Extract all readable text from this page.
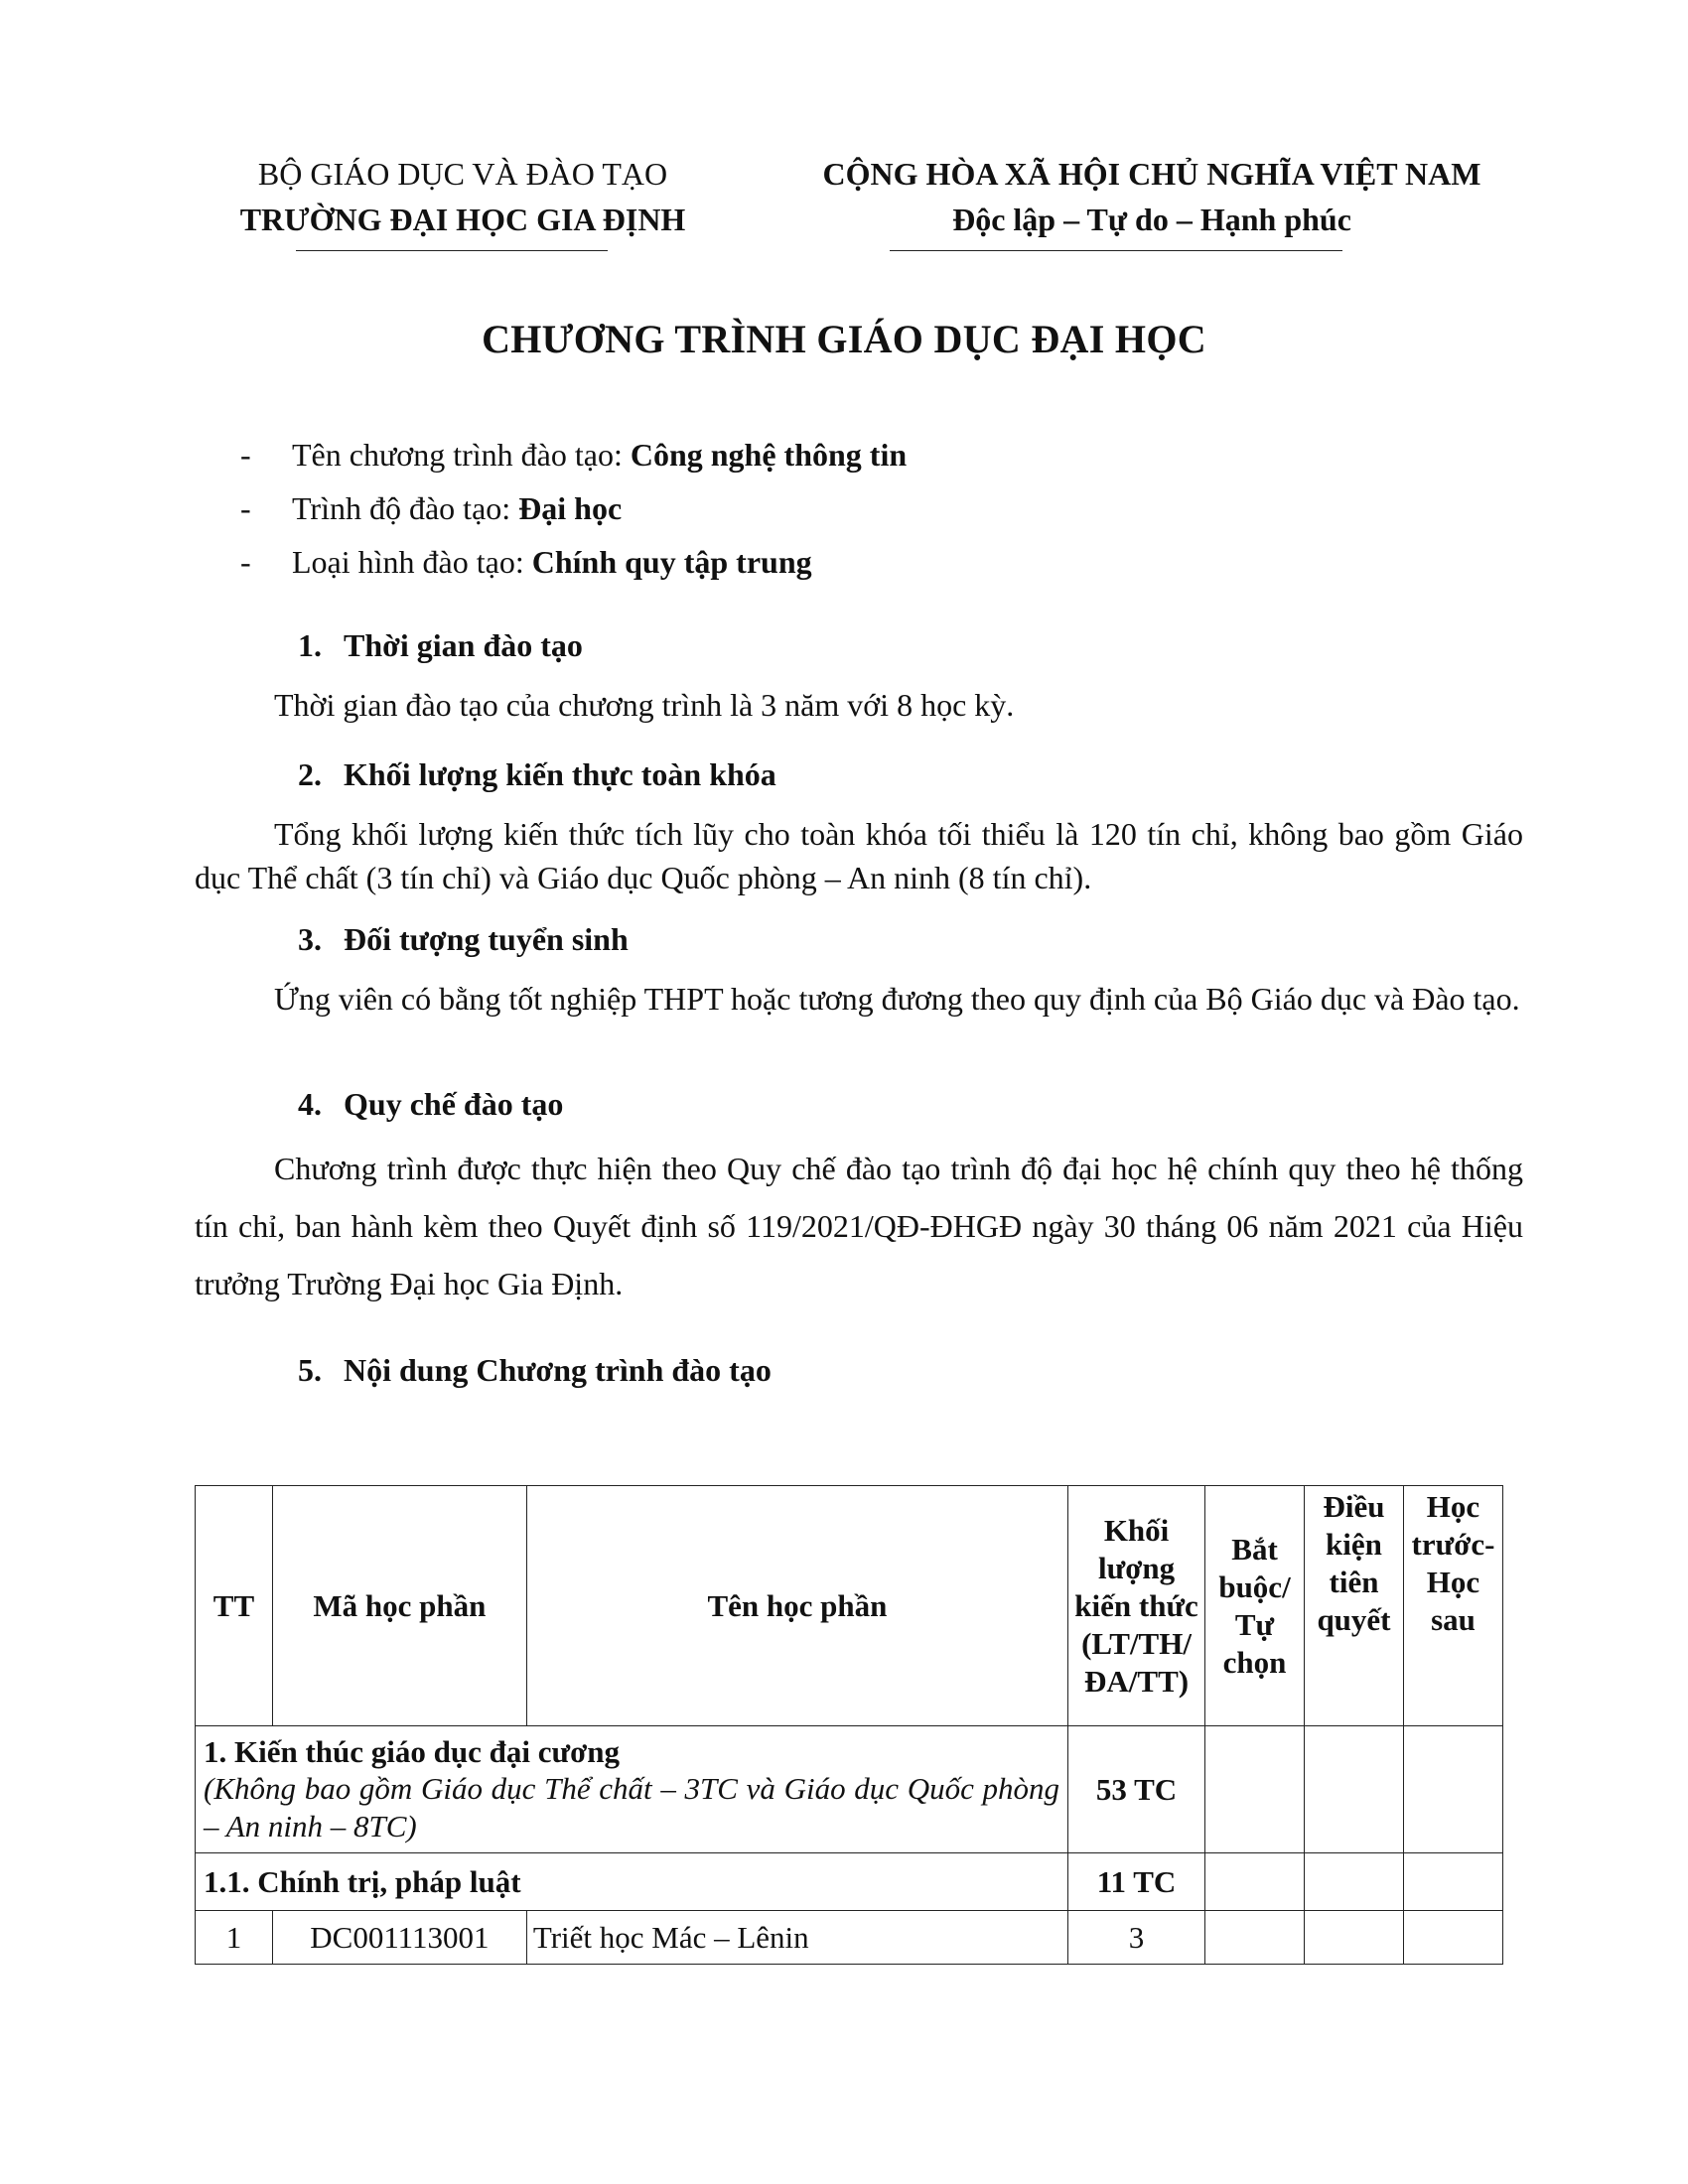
BỘ GIÁO DỤC VÀ ĐÀO TẠO
TRƯỜNG ĐẠI HỌC GIA ĐỊNH
CỘNG HÒA XÃ HỘI CHỦ NGHĨA VIỆT NAM
Độc lập – Tự do – Hạnh phúc
CHƯƠNG TRÌNH GIÁO DỤC ĐẠI HỌC
- Tên chương trình đào tạo: Công nghệ thông tin
- Trình độ đào tạo: Đại học
- Loại hình đào tạo: Chính quy tập trung
1. Thời gian đào tạo
Thời gian đào tạo của chương trình là 3 năm với 8 học kỳ.
2. Khối lượng kiến thực toàn khóa
Tổng khối lượng kiến thức tích lũy cho toàn khóa tối thiểu là 120 tín chỉ, không bao gồm Giáo dục Thể chất (3 tín chỉ) và Giáo dục Quốc phòng – An ninh (8 tín chỉ).
3. Đối tượng tuyển sinh
Ứng viên có bằng tốt nghiệp THPT hoặc tương đương theo quy định của Bộ Giáo dục và Đào tạo.
4. Quy chế đào tạo
Chương trình được thực hiện theo Quy chế đào tạo trình độ đại học hệ chính quy theo hệ thống tín chỉ, ban hành kèm theo Quyết định số 119/2021/QĐ-ĐHGĐ ngày 30 tháng 06 năm 2021 của Hiệu trưởng Trường Đại học Gia Định.
5. Nội dung Chương trình đào tạo
TT	Mã học phần	Tên học phần	Khối lượng kiến thức (LT/TH/ ĐA/TT)	Bắt buộc/ Tự chọn	Điều kiện tiên quyết	Học trước- Học sau

1. Kiến thúc giáo dục đại cương
(Không bao gồm Giáo dục Thể chất – 3TC và Giáo dục Quốc phòng – An ninh – 8TC)			53 TC			
1.1. Chính trị, pháp luật			11 TC			
1	DC001113001	Triết học Mác – Lênin	3			
